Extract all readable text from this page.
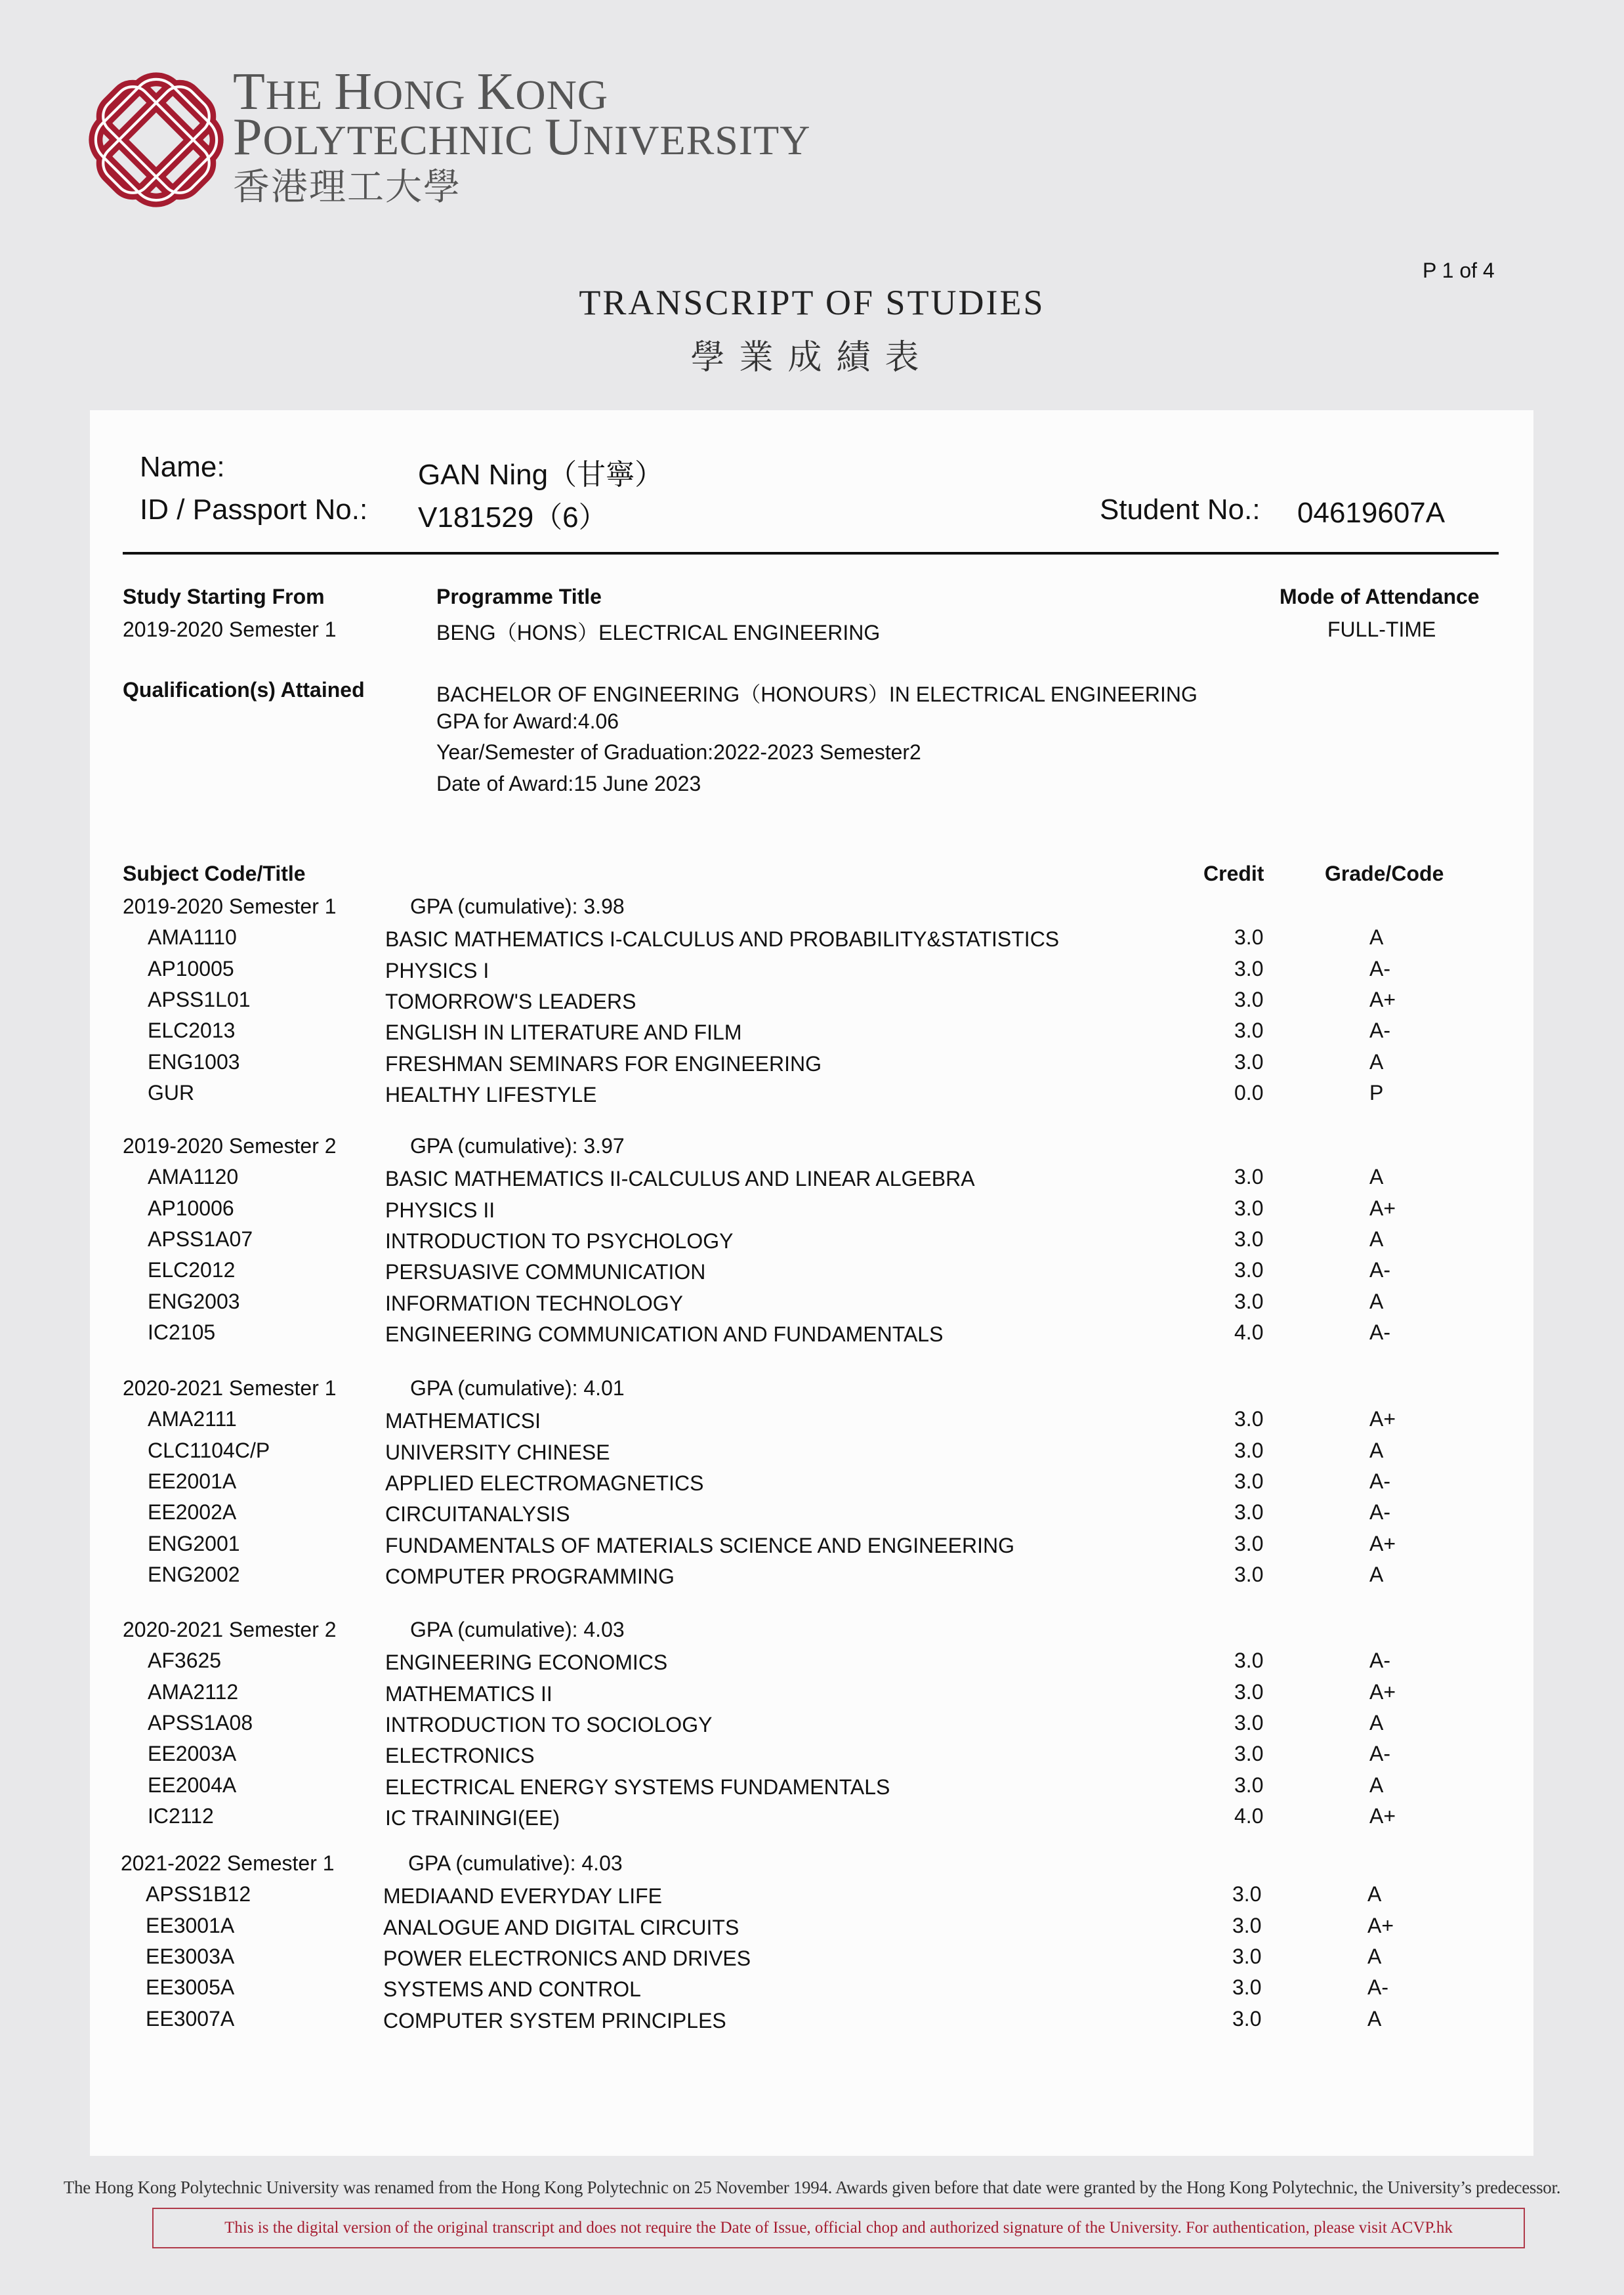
THE HONG KONG
POLYTECHNIC UNIVERSITY
香港理工大學
P 1 of 4
TRANSCRIPT OF STUDIES
學業成績表
Name:	GAN Ning（甘寧）
ID / Passport No.: V181529（6）	Student No.: 04619607A
Study Starting From
2019-2020 Semester 1
Programme Title
BENG（HONS）ELECTRICAL ENGINEERING
Mode of Attendance
FULL-TIME
Qualification(s) Attained	BACHELOR OF ENGINEERING（HONOURS）IN ELECTRICAL ENGINEERING
GPA for Award:4.06
Year/Semester of Graduation:2022-2023 Semester2
Date of Award:15 June 2023
Subject Code/Title	Credit	Grade/Code
2019-2020 Semester 1	GPA (cumulative): 3.98
AMA1110	BASIC MATHEMATICS I-CALCULUS AND PROBABILITY&STATISTICS	3.0	A
AP10005	PHYSICS I	3.0	A-
APSS1L01	TOMORROW'S LEADERS	3.0	A+
ELC2013	ENGLISH IN LITERATURE AND FILM	3.0	A-
ENG1003	FRESHMAN SEMINARS FOR ENGINEERING	3.0	A
GUR	HEALTHY LIFESTYLE	0.0	P
2019-2020 Semester 2	GPA (cumulative): 3.97
AMA1120	BASIC MATHEMATICS II-CALCULUS AND LINEAR ALGEBRA	3.0	A
AP10006	PHYSICS II	3.0	A+
APSS1A07	INTRODUCTION TO PSYCHOLOGY	3.0	A
ELC2012	PERSUASIVE COMMUNICATION	3.0	A-
ENG2003	INFORMATION TECHNOLOGY	3.0	A
IC2105	ENGINEERING COMMUNICATION AND FUNDAMENTALS	4.0	A-
2020-2021 Semester 1	GPA (cumulative): 4.01
AMA2111	MATHEMATICSI	3.0	A+
CLC1104C/P	UNIVERSITY CHINESE	3.0	A
EE2001A	APPLIED ELECTROMAGNETICS	3.0	A-
EE2002A	CIRCUITANALYSIS	3.0	A-
ENG2001	FUNDAMENTALS OF MATERIALS SCIENCE AND ENGINEERING	3.0	A+
ENG2002	COMPUTER PROGRAMMING	3.0	A
2020-2021 Semester 2	GPA (cumulative): 4.03
AF3625	ENGINEERING ECONOMICS	3.0	A-
AMA2112	MATHEMATICS II	3.0	A+
APSS1A08	INTRODUCTION TO SOCIOLOGY	3.0	A
EE2003A	ELECTRONICS	3.0	A-
EE2004A	ELECTRICAL ENERGY SYSTEMS FUNDAMENTALS	3.0	A
IC2112	IC TRAININGI(EE)	4.0	A+
2021-2022 Semester 1	GPA (cumulative): 4.03
APSS1B12	MEDIAAND EVERYDAY LIFE	3.0	A
EE3001A	ANALOGUE AND DIGITAL CIRCUITS	3.0	A+
EE3003A	POWER ELECTRONICS AND DRIVES	3.0	A
EE3005A	SYSTEMS AND CONTROL	3.0	A-
EE3007A	COMPUTER SYSTEM PRINCIPLES	3.0	A
The Hong Kong Polytechnic University was renamed from the Hong Kong Polytechnic on 25 November 1994. Awards given before that date were granted by the Hong Kong Polytechnic, the University’s predecessor.
This is the digital version of the original transcript and does not require the Date of Issue, official chop and authorized signature of the University. For authentication, please visit ACVP.hk
